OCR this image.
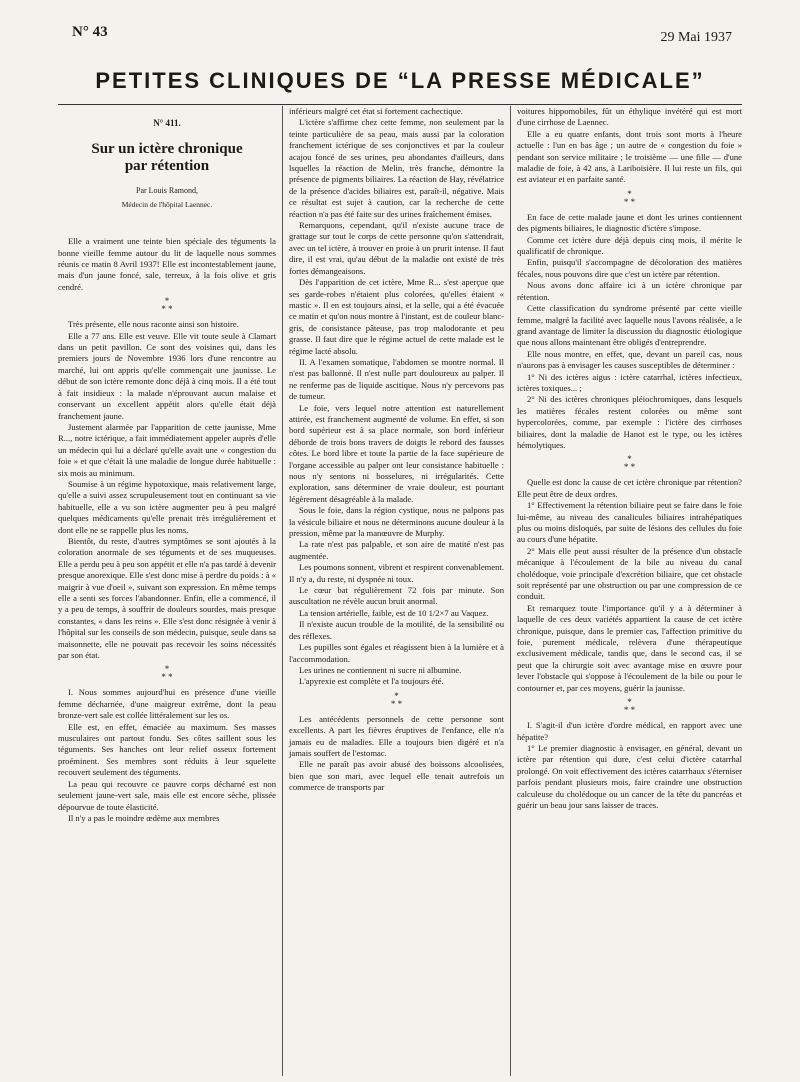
N° 43	29 Mai 1937
PETITES CLINIQUES DE “LA PRESSE MÉDICALE”
N° 411.
Sur un ictère chronique
par rétention
Par Louis Ramond,
Médecin de l'hôpital Laennec.

Elle a vraiment une teinte bien spéciale des téguments la bonne vieille femme autour du lit de laquelle nous sommes réunis ce matin 8 Avril 1937! Elle est incontestablement jaune, mais d'un jaune foncé, sale, terreux, à la fois olive et gris cendré.

*
* *

Très présente, elle nous raconte ainsi son histoire.

Elle a 77 ans. Elle est veuve. Elle vit toute seule à Clamart dans un petit pavillon. Ce sont des voisines qui, dans les premiers jours de Novembre 1936 lors d'une rencontre au marché, lui ont appris qu'elle commençait une jaunisse. Le début de son ictère remonte donc déjà à cinq mois. Il a été tout à fait insidieux : la malade n'éprouvant aucun malaise et conservant un excellent appétit alors qu'elle était déjà franchement jaune.

Justement alarmée par l'apparition de cette jaunisse, Mme R..., notre ictérique, a fait immédiatement appeler auprès d'elle un médecin qui lui a déclaré qu'elle avait une « congestion du foie » et que c'était là une maladie de longue durée habituelle : six mois au minimum.

Soumise à un régime hypotoxique, mais relativement large, qu'elle a suivi assez scrupuleusement tout en continuant sa vie habituelle, elle a vu son ictère augmenter peu à peu malgré quelques médicaments qu'elle prenait très irrégulièrement et dont elle ne se rappelle plus les noms.

Bientôt, du reste, d'autres symptômes se sont ajoutés à la coloration anormale de ses téguments et de ses muqueuses. Elle a perdu peu à peu son appétit et elle n'a pas tardé à devenir presque anorexique. Elle s'est donc mise à perdre du poids : à « maigrir à vue d'oeil », suivant son expression. En même temps elle a senti ses forces l'abandonner. Enfin, elle a commencé, il y a peu de temps, à souffrir de douleurs sourdes, mais presque constantes, « dans les reins ». Elle s'est donc résignée à venir à l'hôpital sur les conseils de son médecin, puisque, seule dans sa maisonnette, elle ne pouvait pas recevoir les soins nécessités par son état.

*
* *

I. Nous sommes aujourd'hui en présence d'une vieille femme décharnée, d'une maigreur extrême, dont la peau bronze-vert sale est collée littéralement sur les os.

Elle est, en effet, émaciée au maximum. Ses masses musculaires ont partout fondu. Ses côtes saillent sous les téguments. Ses hanches ont leur relief osseux fortement proéminent. Ses membres sont réduits à leur squelette recouvert seulement des téguments.

La peau qui recouvre ce pauvre corps décharné est non seulement jaune-vert sale, mais elle est encore sèche, plissée dépourvue de toute élasticité.

Il n'y a pas le moindre œdème aux membres

inférieurs malgré cet état si fortement cachectique.

L'ictère s'affirme chez cette femme, non seulement par la teinte particulière de sa peau, mais aussi par la coloration franchement ictérique de ses conjonctives et par la couleur acajou foncé de ses urines, peu abondantes d'ailleurs, dans lsquelles la réaction de Melin, très franche, démontre la présence de pigments biliaires. La réaction de Hay, révélatrice de la présence d'acides biliaires est, paraît-il, négative. Mais ce résultat est sujet à caution, car la recherche de cette réaction n'a pas été faite sur des urines fraîchement émises.

Remarquons, cependant, qu'il n'existe aucune trace de grattage sur tout le corps de cette personne qu'on s'attendrait, avec un tel ictère, à trouver en proie à un prurit intense. Il faut dire, il est vrai, qu'au début de la maladie ont existé de très fortes démangeaisons.

Dès l'apparition de cet ictère, Mme R... s'est aperçue que ses garde-robes n'étaient plus colorées, qu'elles étaient « mastic ». Il en est toujours ainsi, et la selle, qui a été évacuée ce matin et qu'on nous montre à l'instant, est de couleur blanc-gris, de consistance pâteuse, pas trop malodorante et peu grasse. Il faut dire que le régime actuel de cette malade est le régime lacté absolu.

II. A l'examen somatique, l'abdomen se montre normal. Il n'est pas ballonné. Il n'est nulle part douloureux au palper. Il ne renferme pas de liquide ascitique. Nous n'y percevons pas de tumeur.

Le foie, vers lequel notre attention est naturellement attirée, est franchement augmenté de volume. En effet, si son bord supérieur est à sa place normale, son bord inférieur déborde de trois bons travers de doigts le rebord des fausses côtes. Le bord libre et toute la partie de la face supérieure de l'organe accessible au palper ont leur consistance habituelle : nous n'y sentons ni bosselures, ni irrégularités. Cette exploration, sans déterminer de vraie douleur, est pourtant légèrement désagréable à la malade.

Sous le foie, dans la région cystique, nous ne palpons pas la vésicule biliaire et nous ne déterminons aucune douleur à la pression, même par la manœuvre de Murphy.

La rate n'est pas palpable, et son aire de matité n'est pas augmentée.

Les poumons sonnent, vibrent et respirent convenablement. Il n'y a, du reste, ni dyspnée ni toux.

Le cœur bat régulièrement 72 fois par minute. Son auscultation ne révèle aucun bruit anormal.

La tension artérielle, faible, est de 10 1/2×7 au Vaquez.

Il n'existe aucun trouble de la motilité, de la sensibilité ou des réflexes.

Les pupilles sont égales et réagissent bien à la lumière et à l'accommodation.

Les urines ne contiennent ni sucre ni albumine.

L'apyrexie est complète et l'a toujours été.

*
* *

Les antécédents personnels de cette personne sont excellents. A part les fièvres éruptives de l'enfance, elle n'a jamais eu de maladies. Elle a toujours bien digéré et n'a jamais souffert de l'estomac.

Elle ne paraît pas avoir abusé des boissons alcoolisées, bien que son mari, avec lequel elle tenait autrefois un commerce de transports par

voitures hippomobiles, fût un éthylique invétéré qui est mort d'une cirrhose de Laennec.

Elle a eu quatre enfants, dont trois sont morts à l'heure actuelle : l'un en bas âge ; un autre de « congestion du foie » pendant son service militaire ; le troisième — une fille — d'une maladie de foie, à 42 ans, à Lariboisière. Il lui reste un fils, qui est aviateur et en parfaite santé.

*
* *

En face de cette malade jaune et dont les urines contiennent des pigments biliaires, le diagnostic d'ictère s'impose.

Comme cet ictère dure déjà depuis cinq mois, il mérite le qualificatif de chronique.

Enfin, puisqu'il s'accompagne de décoloration des matières fécales, nous pouvons dire que c'est un ictère par rétention.

Nous avons donc affaire ici à un ictère chronique par rétention.

Cette classification du syndrome présenté par cette vieille femme, malgré la facilité avec laquelle nous l'avons réalisée, a le grand avantage de limiter la discussion du diagnostic étiologique que nous allons maintenant être obligés d'entreprendre.

Elle nous montre, en effet, que, devant un pareil cas, nous n'aurons pas à envisager les causes susceptibles de déterminer :

1° Ni des ictères aigus : ictère catarrhal, ictères infectieux, ictères toxiques... ;

2° Ni des ictères chroniques pléiochromiques, dans lesquels les matières fécales restent colorées ou même sont hypercolorées, comme, par exemple : l'ictère des cirrhoses biliaires, dont la maladie de Hanot est le type, ou les ictères hémolytiques.

*
* *

Quelle est donc la cause de cet ictère chronique par rétention? Elle peut être de deux ordres.

1° Effectivement la rétention biliaire peut se faire dans le foie lui-même, au niveau des canalicules biliaires intrahépatiques plus ou moins disloqués, par suite de lésions des cellules du foie au cours d'une hépatite.

2° Mais elle peut aussi résulter de la présence d'un obstacle mécanique à l'écoulement de la bile au niveau du canal cholédoque, voie principale d'excrétion biliaire, que cet obstacle soit représenté par une obstruction ou par une compression de ce conduit.

Et remarquez toute l'importance qu'il y a à déterminer à laquelle de ces deux variétés appartient la cause de cet ictère chronique, puisque, dans le premier cas, l'affection primitive du foie, purement médicale, relèvera d'une thérapeutique exclusivement médicale, tandis que, dans le second cas, il se peut que la chirurgie soit avec avantage mise en œuvre pour lever l'obstacle qui s'oppose à l'écoulement de la bile ou pour le contourner et, par ces moyens, guérir la jaunisse.

*
* *

I. S'agit-il d'un ictère d'ordre médical, en rapport avec une hépatite?

1° Le premier diagnostic à envisager, en général, devant un ictère par rétention qui dure, c'est celui d'ictère catarrhal prolongé. On voit effectivement des ictères catarrhaux s'éterniser parfois pendant plusieurs mois, faire craindre une obstruction calculeuse du cholédoque ou un cancer de la tête du pancréas et guérir un beau jour sans laisser de traces.
